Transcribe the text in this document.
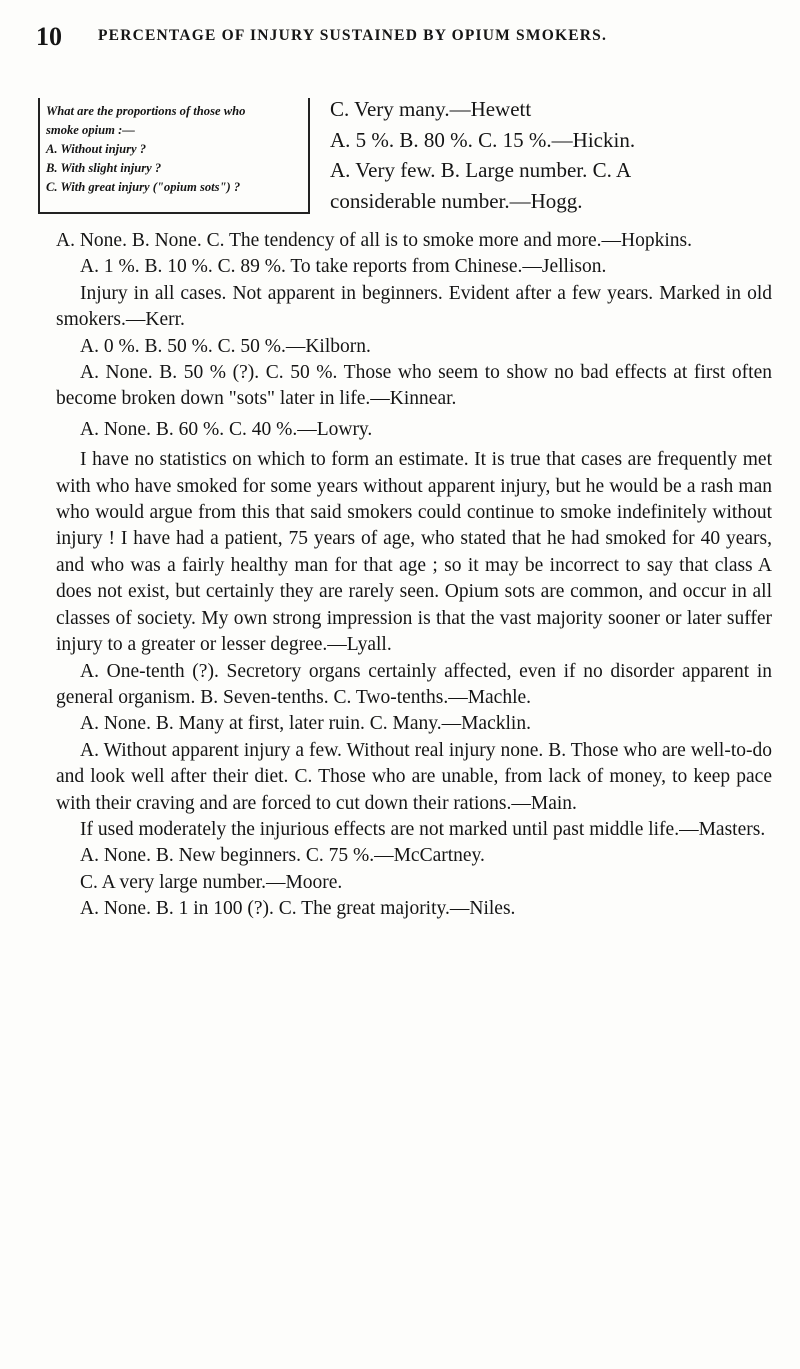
10 PERCENTAGE OF INJURY SUSTAINED BY OPIUM SMOKERS.
What are the proportions of those who
smoke opium :—
A. Without injury ?
B. With slight injury ?
C. With great injury ("opium sots") ?
C. Very many.—Hewett
A. 5 %. B. 80 %. C. 15 %.—Hickin.
A. Very few. B. Large number. C. A
considerable number.—Hogg.

A. None. B. None. C. The tendency of all is to smoke more and more.—Hopkins.

A. 1 %. B. 10 %. C. 89 %. To take reports from Chinese.—Jellison.

Injury in all cases. Not apparent in beginners. Evident after a few years. Marked in old smokers.—Kerr.

A. 0 %. B. 50 %. C. 50 %.—Kilborn.

A. None. B. 50 % (?). C. 50 %. Those who seem to show no bad effects at first often become broken down "sots" later in life.—Kinnear.

A. None. B. 60 %. C. 40 %.—Lowry.

I have no statistics on which to form an estimate. It is true that cases are frequently met with who have smoked for some years without apparent injury, but he would be a rash man who would argue from this that said smokers could continue to smoke indefinitely without injury ! I have had a patient, 75 years of age, who stated that he had smoked for 40 years, and who was a fairly healthy man for that age ; so it may be incorrect to say that class A does not exist, but certainly they are rarely seen. Opium sots are common, and occur in all classes of society. My own strong impression is that the vast majority sooner or later suffer injury to a greater or lesser degree.—Lyall.

A. One-tenth (?). Secretory organs certainly affected, even if no disorder apparent in general organism. B. Seven-tenths. C. Two-tenths.—Machle.

A. None. B. Many at first, later ruin. C. Many.—Macklin.

A. Without apparent injury a few. Without real injury none. B. Those who are well-to-do and look well after their diet. C. Those who are unable, from lack of money, to keep pace with their craving and are forced to cut down their rations.—Main.

If used moderately the injurious effects are not marked until past middle life.—Masters.

A. None. B. New beginners. C. 75 %.—McCartney.

C. A very large number.—Moore.

A. None. B. 1 in 100 (?). C. The great majority.—Niles.
